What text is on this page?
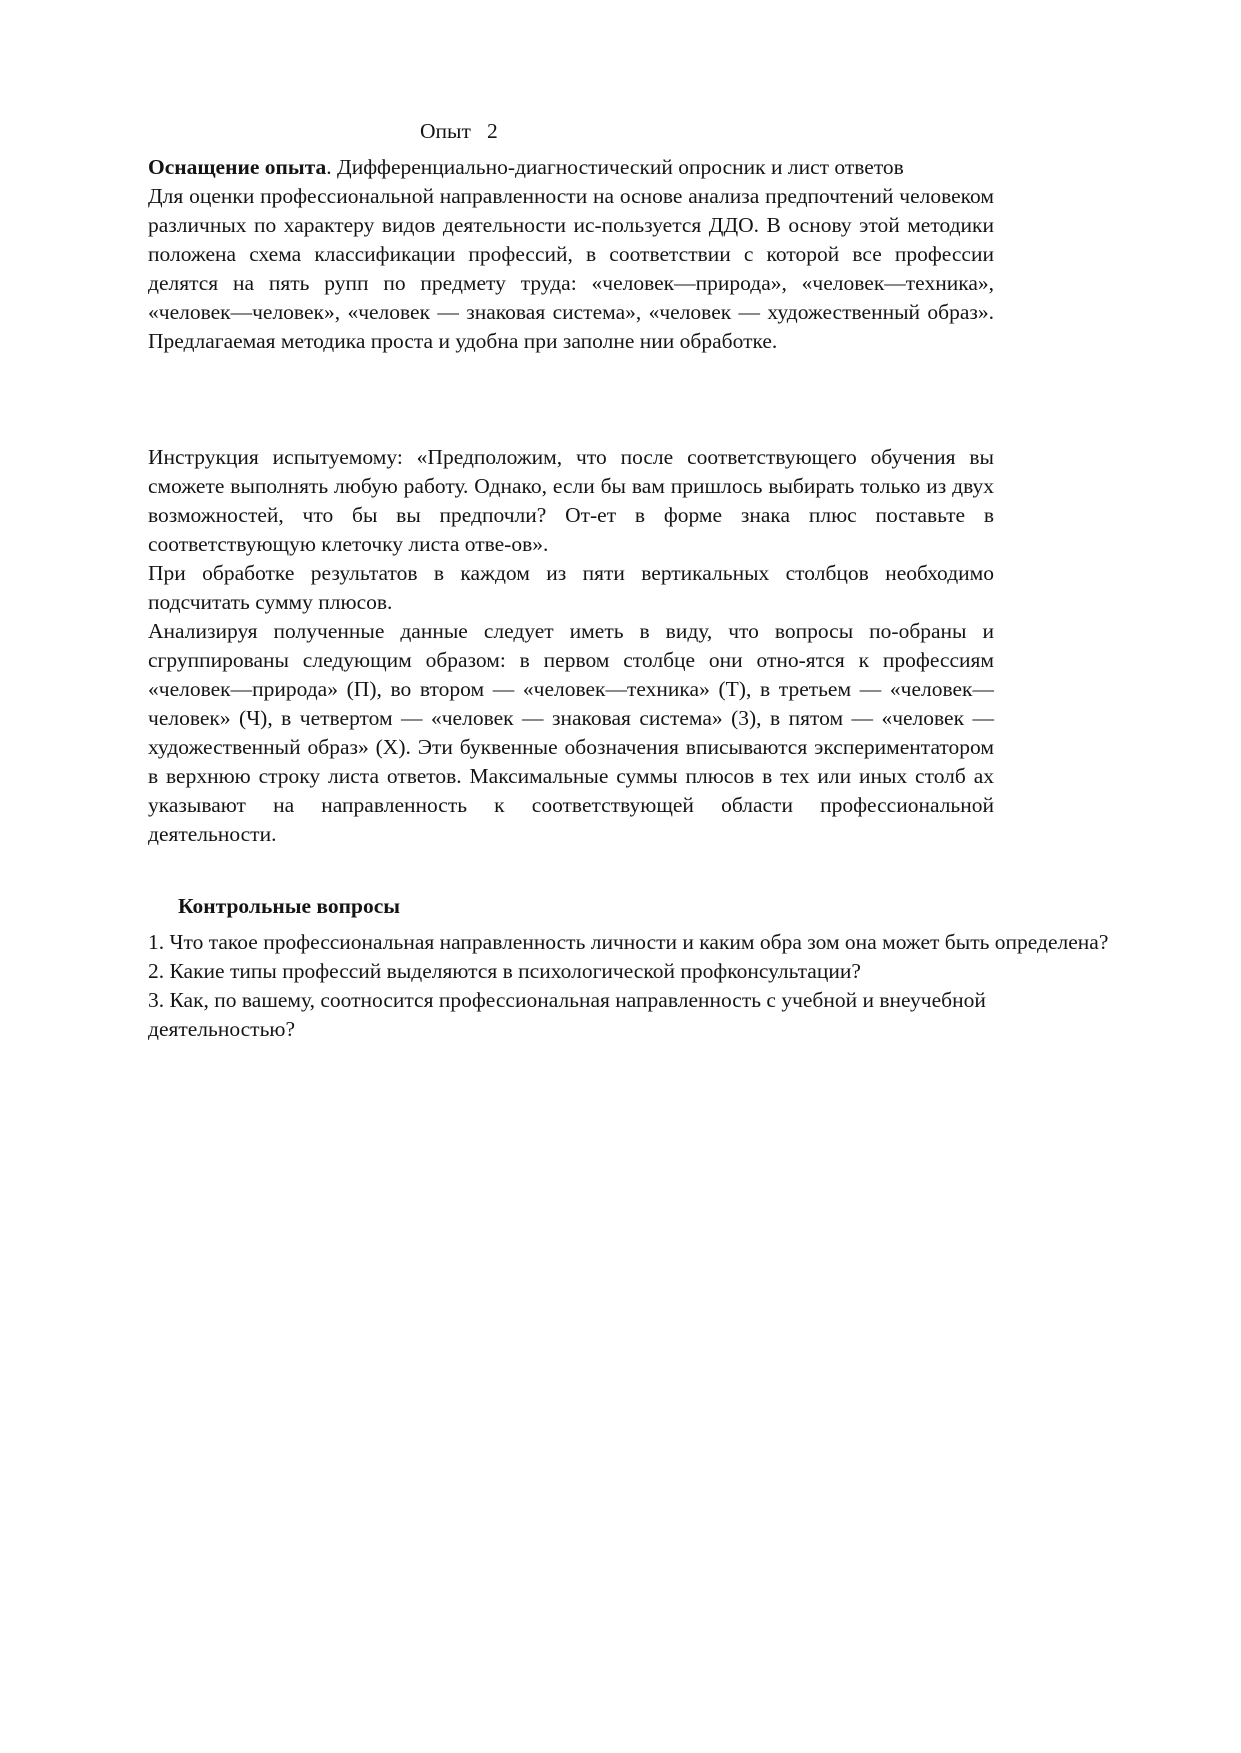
Опыт   2

Оснащение опыта. Дифференциально-диагностический опросник и лист ответов

Для оценки профессиональной направленности на основе анализа предпочтений человеком различных по характеру видов деятельности ис-пользуется ДДО. В основу этой методики положена схема классификации профессий, в соответствии с которой все профессии делятся на пять рупп по предмету труда: «человек—природа», «человек—техника», «человек—человек», «человек — знаковая система», «человек — художественный образ». Предлагаемая методика проста и удобна при заполне нии обработке.

Инструкция испытуемому: «Предположим, что после соответствующего обучения вы сможете выполнять любую работу. Однако, если бы вам пришлось выбирать только из двух возможностей, что бы вы предпочли? От-ет в форме знака плюс поставьте в соответствующую клеточку листа отве-ов».

При обработке результатов в каждом из пяти вертикальных столбцов необходимо подсчитать сумму плюсов.

Анализируя полученные данные следует иметь в виду, что вопросы по-обраны и сгруппированы следующим образом: в первом столбце они отно-ятся к профессиям «человек—природа» (П), во втором — «человек—техника» (Т), в третьем — «человек—человек» (Ч), в четвертом — «человек — знаковая система» (3), в пятом — «человек — художественный образ» (X). Эти буквенные обозначения вписываются экспериментатором в верхнюю строку листа ответов. Максимальные суммы плюсов в тех или иных столб ах указывают на направленность к соответствующей области профессиональной деятельности.

Контрольные вопросы
1. Что такое профессиональная направленность личности и каким обра зом она может быть определена?
2. Какие типы профессий выделяются в психологической профконсультации?
3. Как, по вашему, соотносится профессиональная направленность с учебной и внеучебной деятельностью?
